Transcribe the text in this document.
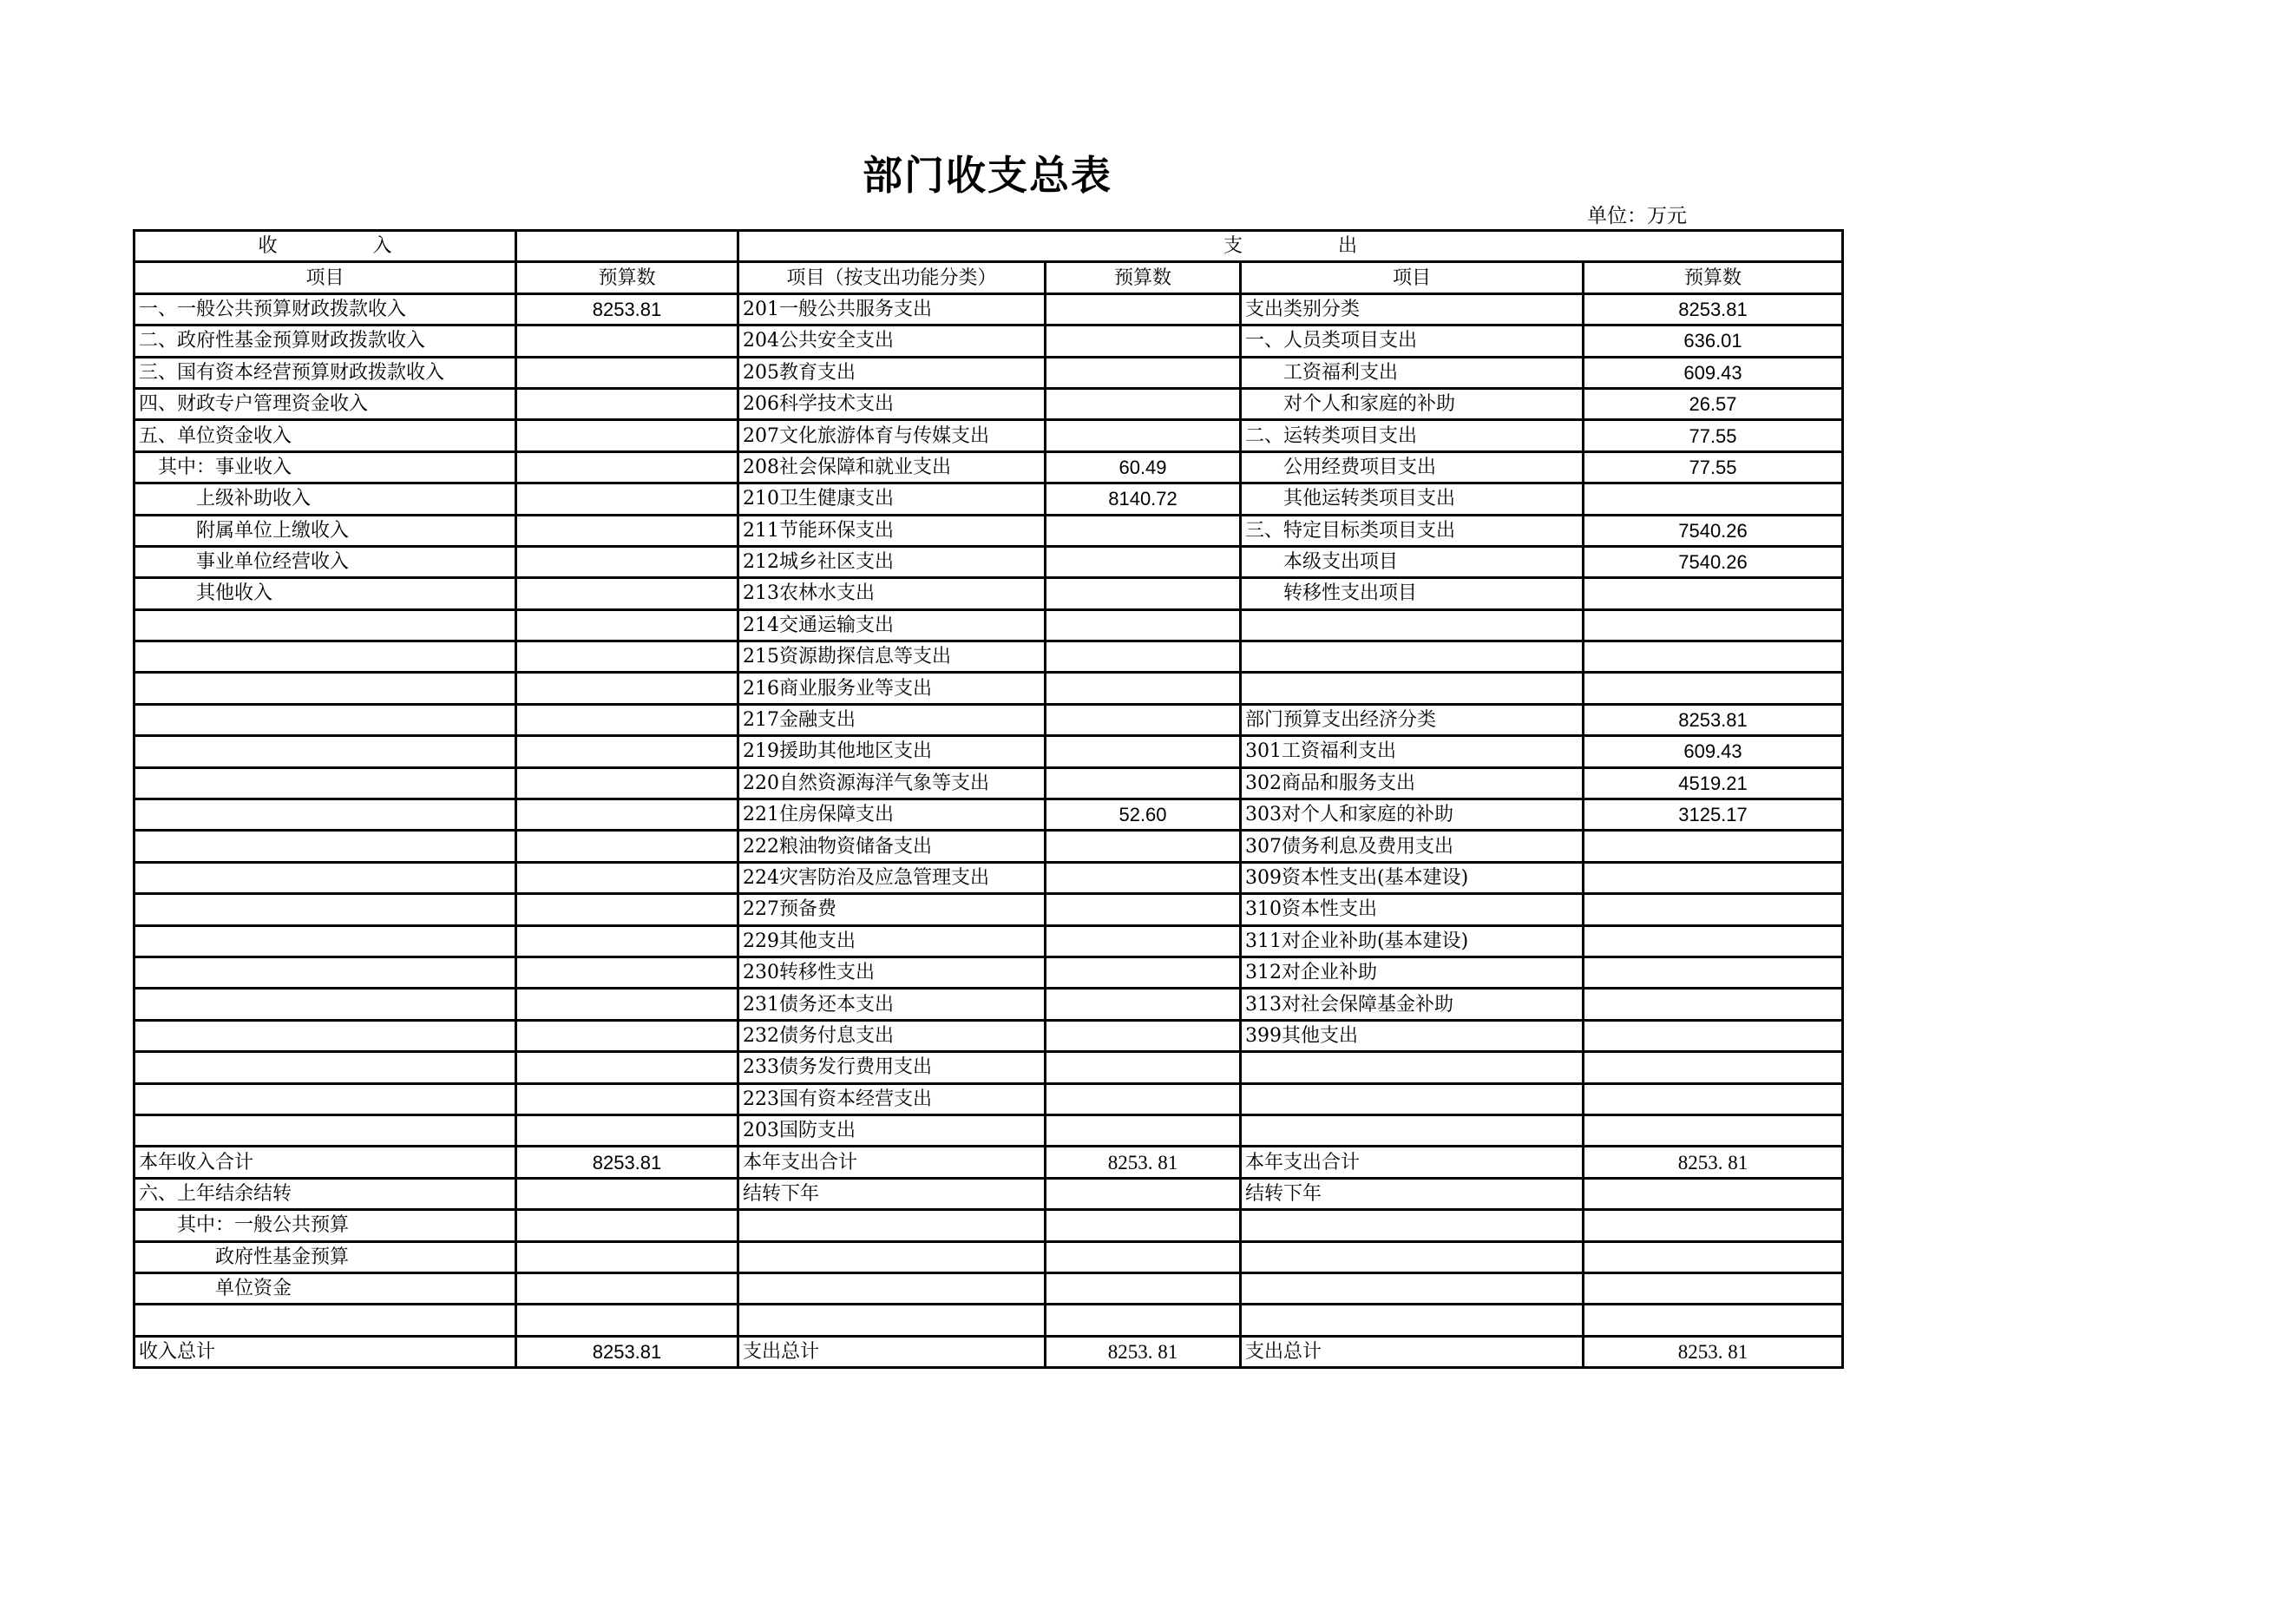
部门收支总表
单位：万元
收　　　　　入		支　　　　　出			
项目	预算数	项目（按支出功能分类）	预算数	项目	预算数
一、一般公共预算财政拨款收入	8253.81	201一般公共服务支出		支出类别分类	8253.81
二、政府性基金预算财政拨款收入		204公共安全支出		一、人员类项目支出	636.01
三、国有资本经营预算财政拨款收入		205教育支出		　　工资福利支出	609.43
四、财政专户管理资金收入		206科学技术支出		　　对个人和家庭的补助	26.57
五、单位资金收入		207文化旅游体育与传媒支出		二、运转类项目支出	77.55
　其中：事业收入		208社会保障和就业支出	60.49	　　公用经费项目支出	77.55
　　　上级补助收入		210卫生健康支出	8140.72	　　其他运转类项目支出	
　　　附属单位上缴收入		211节能环保支出		三、特定目标类项目支出	7540.26
　　　事业单位经营收入		212城乡社区支出		　　本级支出项目	7540.26
　　　其他收入		213农林水支出		　　转移性支出项目	
		214交通运输支出			
		215资源勘探信息等支出			
		216商业服务业等支出			
		217金融支出		部门预算支出经济分类	8253.81
		219援助其他地区支出		301工资福利支出	609.43
		220自然资源海洋气象等支出		302商品和服务支出	4519.21
		221住房保障支出	52.60	303对个人和家庭的补助	3125.17
		222粮油物资储备支出		307债务利息及费用支出	
		224灾害防治及应急管理支出		309资本性支出(基本建设)	
		227预备费		310资本性支出	
		229其他支出		311对企业补助(基本建设)	
		230转移性支出		312对企业补助	
		231债务还本支出		313对社会保障基金补助	
		232债务付息支出		399其他支出	
		233债务发行费用支出			
		223国有资本经营支出			
		203国防支出			
本年收入合计	8253.81	本年支出合计	8253. 81	本年支出合计	8253. 81
六、上年结余结转		结转下年		结转下年	
　　其中：一般公共预算					
　　　　政府性基金预算					
　　　　单位资金					

收入总计	8253.81	支出总计	8253. 81	支出总计	8253. 81
